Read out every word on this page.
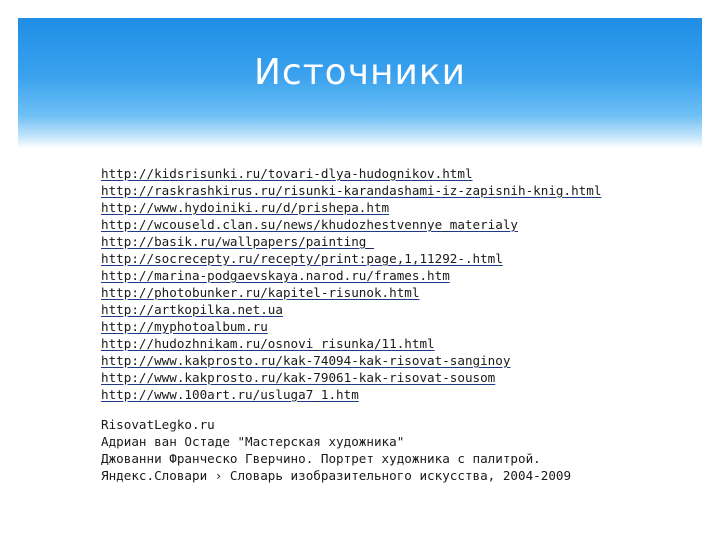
Источники
http://kidsrisunki.ru/tovari-dlya-hudognikov.html
http://raskrashkirus.ru/risunki-karandashami-iz-zapisnih-knig.html
http://www.hydoiniki.ru/d/prishepa.htm
http://wcouseld.clan.su/news/khudozhestvennye_materialy
http://basik.ru/wallpapers/painting_
http://socrecepty.ru/recepty/print:page,1,11292-.html
http://marina-podgaevskaya.narod.ru/frames.htm
http://photobunker.ru/kapitel-risunok.html
http://artkopilka.net.ua
http://myphotoalbum.ru
http://hudozhnikam.ru/osnovi_risunka/11.html
http://www.kakprosto.ru/kak-74094-kak-risovat-sanginoy
http://www.kakprosto.ru/kak-79061-kak-risovat-sousom
http://www.100art.ru/usluga7_1.htm
RisovatLegko.ru
Адриан ван Остаде "Мастерская художника"
Джованни Франческо Гверчино. Портрет художника с палитрой.
Яндекс.Словари › Словарь изобразительного искусства, 2004-2009
